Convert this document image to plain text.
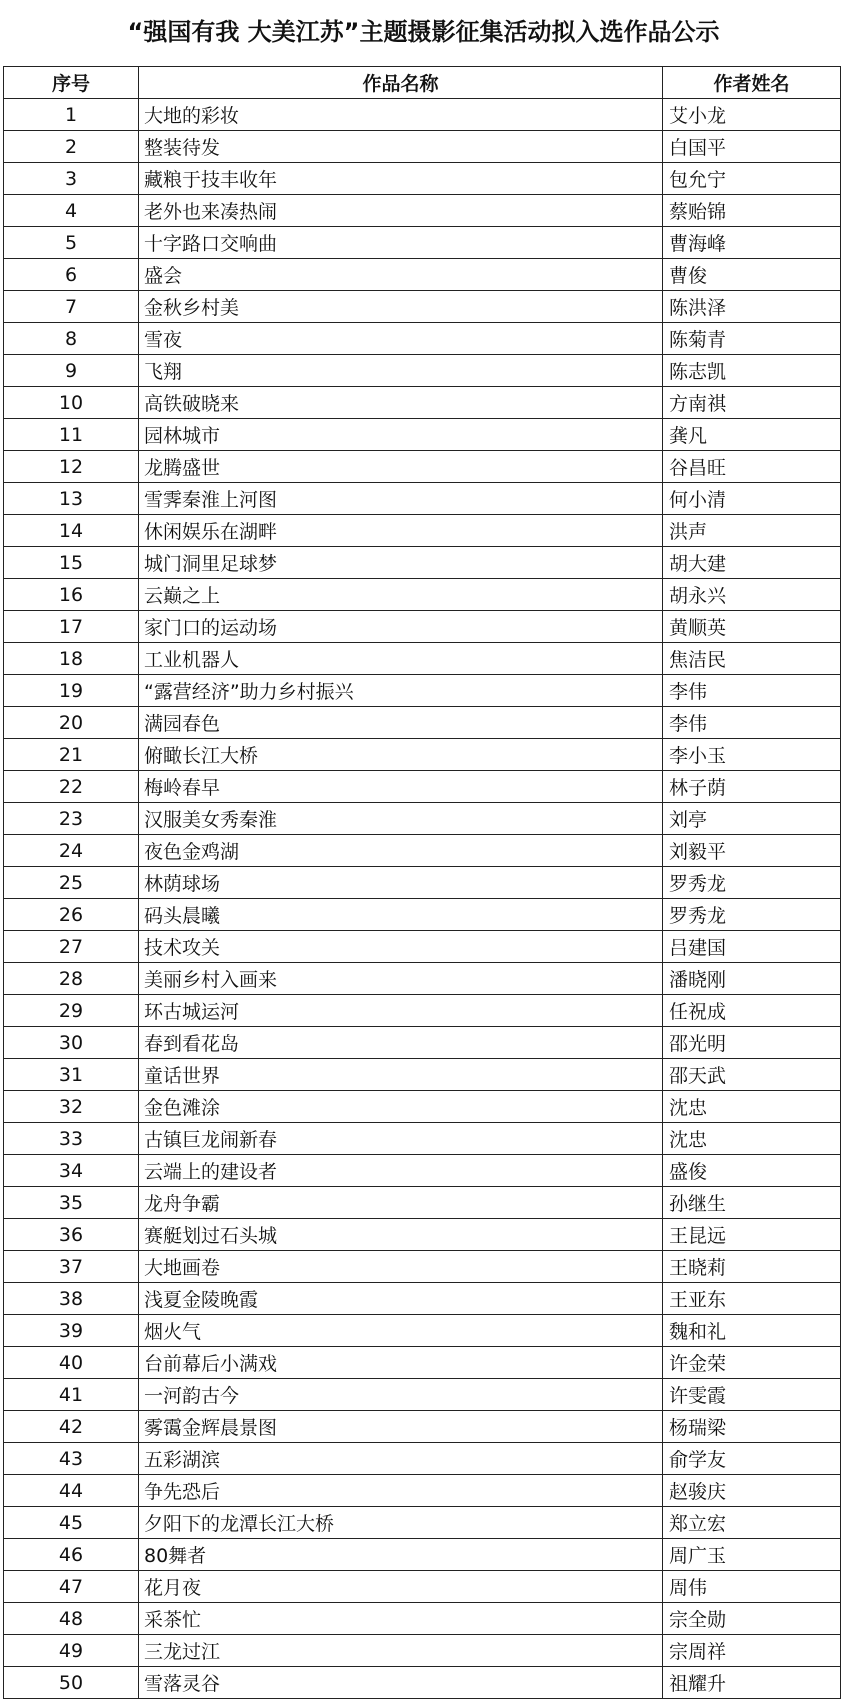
“强国有我 大美江苏”主题摄影征集活动拟入选作品公示
序号	作品名称	作者姓名
1	大地的彩妆	艾小龙
2	整装待发	白国平
3	藏粮于技丰收年	包允宁
4	老外也来凑热闹	蔡贻锦
5	十字路口交响曲	曹海峰
6	盛会	曹俊
7	金秋乡村美	陈洪泽
8	雪夜	陈菊青
9	飞翔	陈志凯
10	高铁破晓来	方南祺
11	园林城市	龚凡
12	龙腾盛世	谷昌旺
13	雪霁秦淮上河图	何小清
14	休闲娱乐在湖畔	洪声
15	城门洞里足球梦	胡大建
16	云巅之上	胡永兴
17	家门口的运动场	黄顺英
18	工业机器人	焦洁民
19	“露营经济”助力乡村振兴	李伟
20	满园春色	李伟
21	俯瞰长江大桥	李小玉
22	梅岭春早	林子荫
23	汉服美女秀秦淮	刘亭
24	夜色金鸡湖	刘毅平
25	林荫球场	罗秀龙
26	码头晨曦	罗秀龙
27	技术攻关	吕建国
28	美丽乡村入画来	潘晓刚
29	环古城运河	任祝成
30	春到看花岛	邵光明
31	童话世界	邵天武
32	金色滩涂	沈忠
33	古镇巨龙闹新春	沈忠
34	云端上的建设者	盛俊
35	龙舟争霸	孙继生
36	赛艇划过石头城	王昆远
37	大地画卷	王晓莉
38	浅夏金陵晚霞	王亚东
39	烟火气	魏和礼
40	台前幕后小满戏	许金荣
41	一河韵古今	许雯霞
42	雾霭金辉晨景图	杨瑞梁
43	五彩湖滨	俞学友
44	争先恐后	赵骏庆
45	夕阳下的龙潭长江大桥	郑立宏
46	80舞者	周广玉
47	花月夜	周伟
48	采茶忙	宗全勋
49	三龙过江	宗周祥
50	雪落灵谷	祖耀升
